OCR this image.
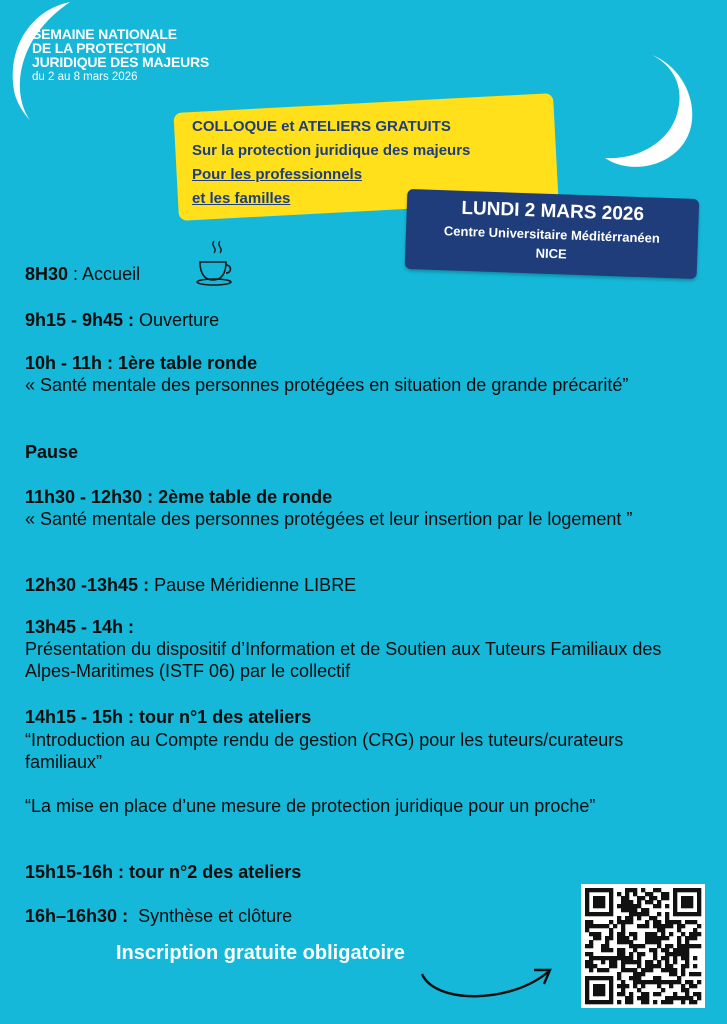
SEMAINE NATIONALE
DE LA PROTECTION
JURIDIQUE DES MAJEURS
du 2 au 8 mars 2026
COLLOQUE et ATELIERS GRATUITS
Sur la protection juridique des majeurs
Pour les professionnels
et les familles	LUNDI 2 MARS 2026
Centre Universitaire Méditérranéen
NICE
8H30 : Accueil
9h15 - 9h45 : Ouverture
10h - 11h : 1ère table ronde
« Santé mentale des personnes protégées en situation de grande précarité”
Pause
11h30 - 12h30 : 2ème table de ronde
« Santé mentale des personnes protégées et leur insertion par le logement ”
12h30 -13h45 : Pause Méridienne LIBRE
13h45 - 14h :
Présentation du dispositif d’Information et de Soutien aux Tuteurs Familiaux des Alpes-Maritimes (ISTF 06) par le collectif
14h15 - 15h : tour n°1 des ateliers
“Introduction au Compte rendu de gestion (CRG) pour les tuteurs/curateurs familiaux”
“La mise en place d’une mesure de protection juridique pour un proche”
15h15-16h : tour n°2 des ateliers
16h–16h30 :  Synthèse et clôture
Inscription gratuite obligatoire
